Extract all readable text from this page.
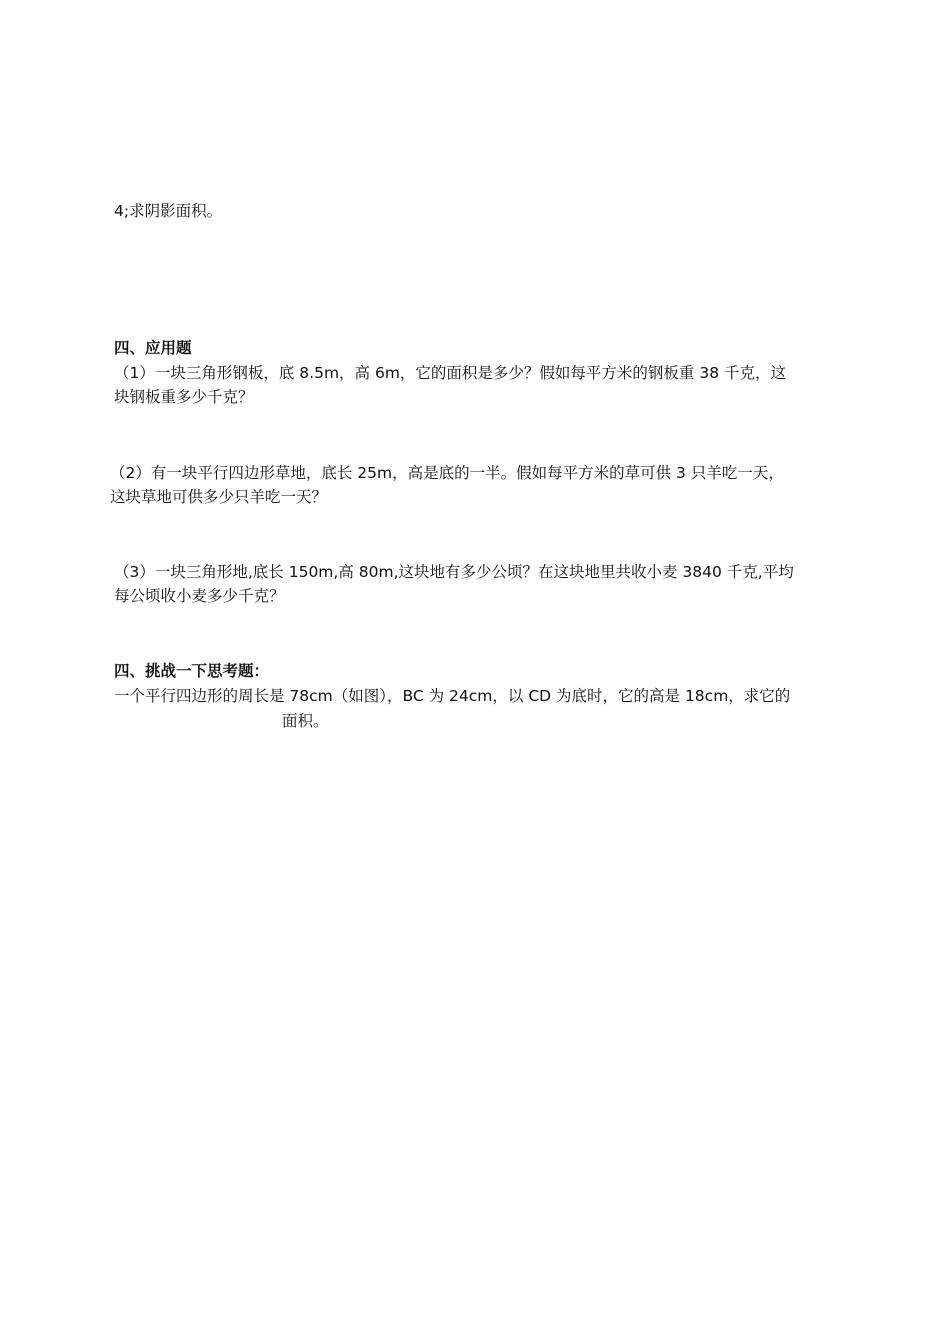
4;求阴影面积。
四、应用题
（1）一块三角形钢板，底 8.5m，高 6m，它的面积是多少？假如每平方米的钢板重 38 千克，这
块钢板重多少千克？
（2）有一块平行四边形草地，底长 25m，高是底的一半。假如每平方米的草可供 3 只羊吃一天，
这块草地可供多少只羊吃一天？
（3）一块三角形地,底长 150m,高 80m,这块地有多少公顷？在这块地里共收小麦 3840 千克,平均
每公顷收小麦多少千克？
四、挑战一下思考题：
一个平行四边形的周长是 78cm（如图），BC 为 24cm，以 CD 为底时，它的高是 18cm，求它的
面积。
